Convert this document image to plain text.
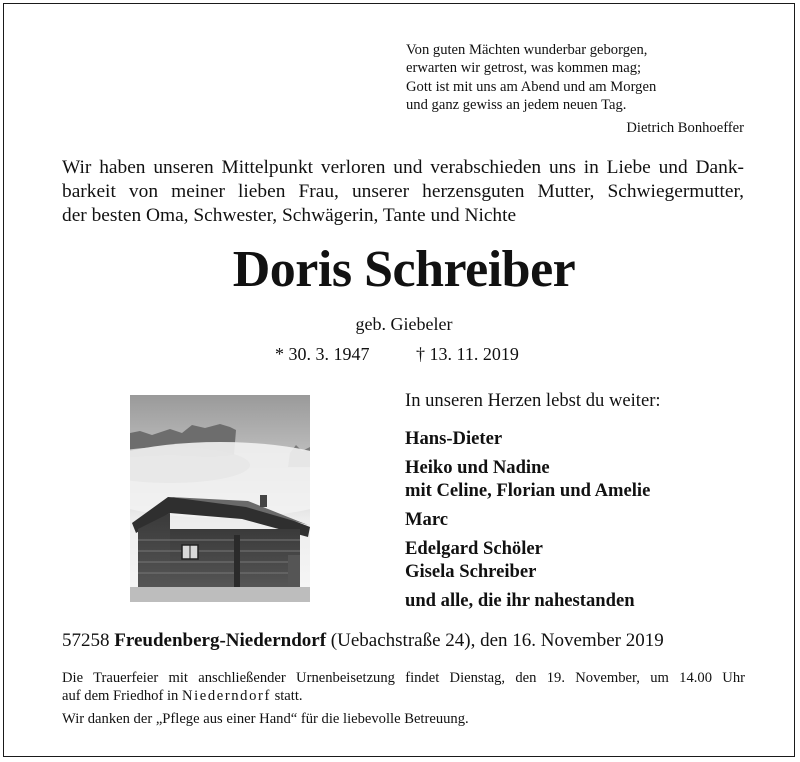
Von guten Mächten wunderbar geborgen,
erwarten wir getrost, was kommen mag;
Gott ist mit uns am Abend und am Morgen
und ganz gewiss an jedem neuen Tag.
Dietrich Bonhoeffer
Wir haben unseren Mittelpunkt verloren und verabschieden uns in Liebe und Dank-
barkeit von meiner lieben Frau, unserer herzensguten Mutter, Schwiegermutter,
der besten Oma, Schwester, Schwägerin, Tante und Nichte
Doris Schreiber
geb. Giebeler
* 30. 3. 1947	† 13. 11. 2019
In unseren Herzen lebst du weiter:
Hans-Dieter
Heiko und Nadine
mit Celine, Florian und Amelie
Marc
Edelgard Schöler
Gisela Schreiber
und alle, die ihr nahestanden
57258 Freudenberg-Niederndorf (Uebachstraße 24), den 16. November 2019
Die Trauerfeier mit anschließender Urnenbeisetzung findet Dienstag, den 19. November, um 14.00 Uhr
auf dem Friedhof in Niederndorf statt.
Wir danken der „Pflege aus einer Hand“ für die liebevolle Betreuung.
